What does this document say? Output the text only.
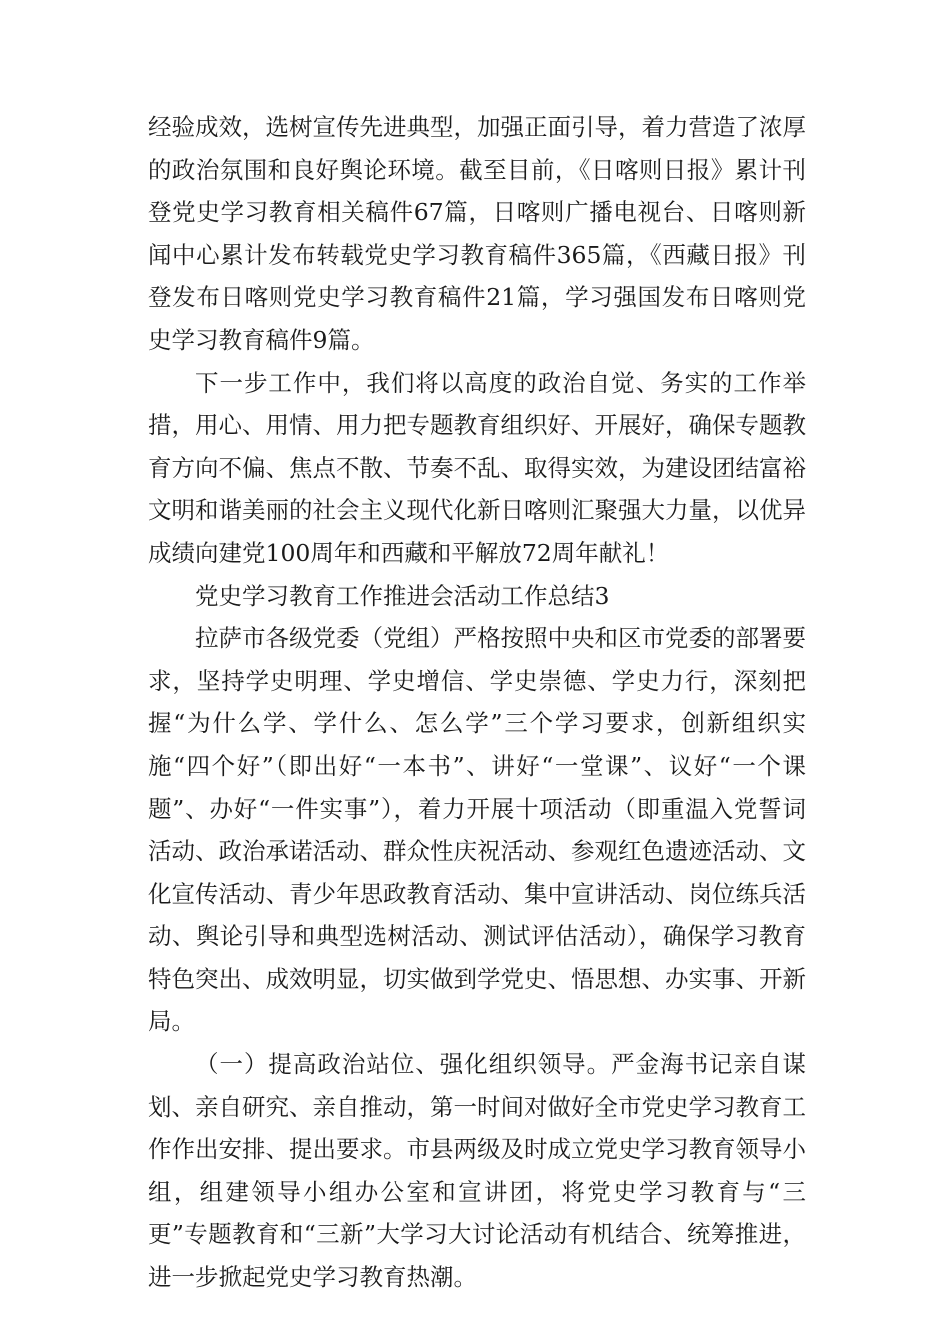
经验成效，选树宣传先进典型，加强正面引导，着力营造了浓厚的政治氛围和良好舆论环境。截至目前，《日喀则日报》累计刊登党史学习教育相关稿件67篇，日喀则广播电视台、日喀则新闻中心累计发布转载党史学习教育稿件365篇，《西藏日报》刊登发布日喀则党史学习教育稿件21篇，学习强国发布日喀则党史学习教育稿件9篇。

下一步工作中，我们将以高度的政治自觉、务实的工作举措，用心、用情、用力把专题教育组织好、开展好，确保专题教育方向不偏、焦点不散、节奏不乱、取得实效，为建设团结富裕文明和谐美丽的社会主义现代化新日喀则汇聚强大力量，以优异成绩向建党100周年和西藏和平解放72周年献礼！

党史学习教育工作推进会活动工作总结3

拉萨市各级党委（党组）严格按照中央和区市党委的部署要求，坚持学史明理、学史增信、学史崇德、学史力行，深刻把握“为什么学、学什么、怎么学”三个学习要求，创新组织实施“四个好”（即出好“一本书”、讲好“一堂课”、议好“一个课题”、办好“一件实事”），着力开展十项活动（即重温入党誓词活动、政治承诺活动、群众性庆祝活动、参观红色遗迹活动、文化宣传活动、青少年思政教育活动、集中宣讲活动、岗位练兵活动、舆论引导和典型选树活动、测试评估活动），确保学习教育特色突出、成效明显，切实做到学党史、悟思想、办实事、开新局。

（一）提高政治站位、强化组织领导。严金海书记亲自谋划、亲自研究、亲自推动，第一时间对做好全市党史学习教育工作作出安排、提出要求。市县两级及时成立党史学习教育领导小组，组建领导小组办公室和宣讲团，将党史学习教育与“三更”专题教育和“三新”大学习大讨论活动有机结合、统筹推进，进一步掀起党史学习教育热潮。
